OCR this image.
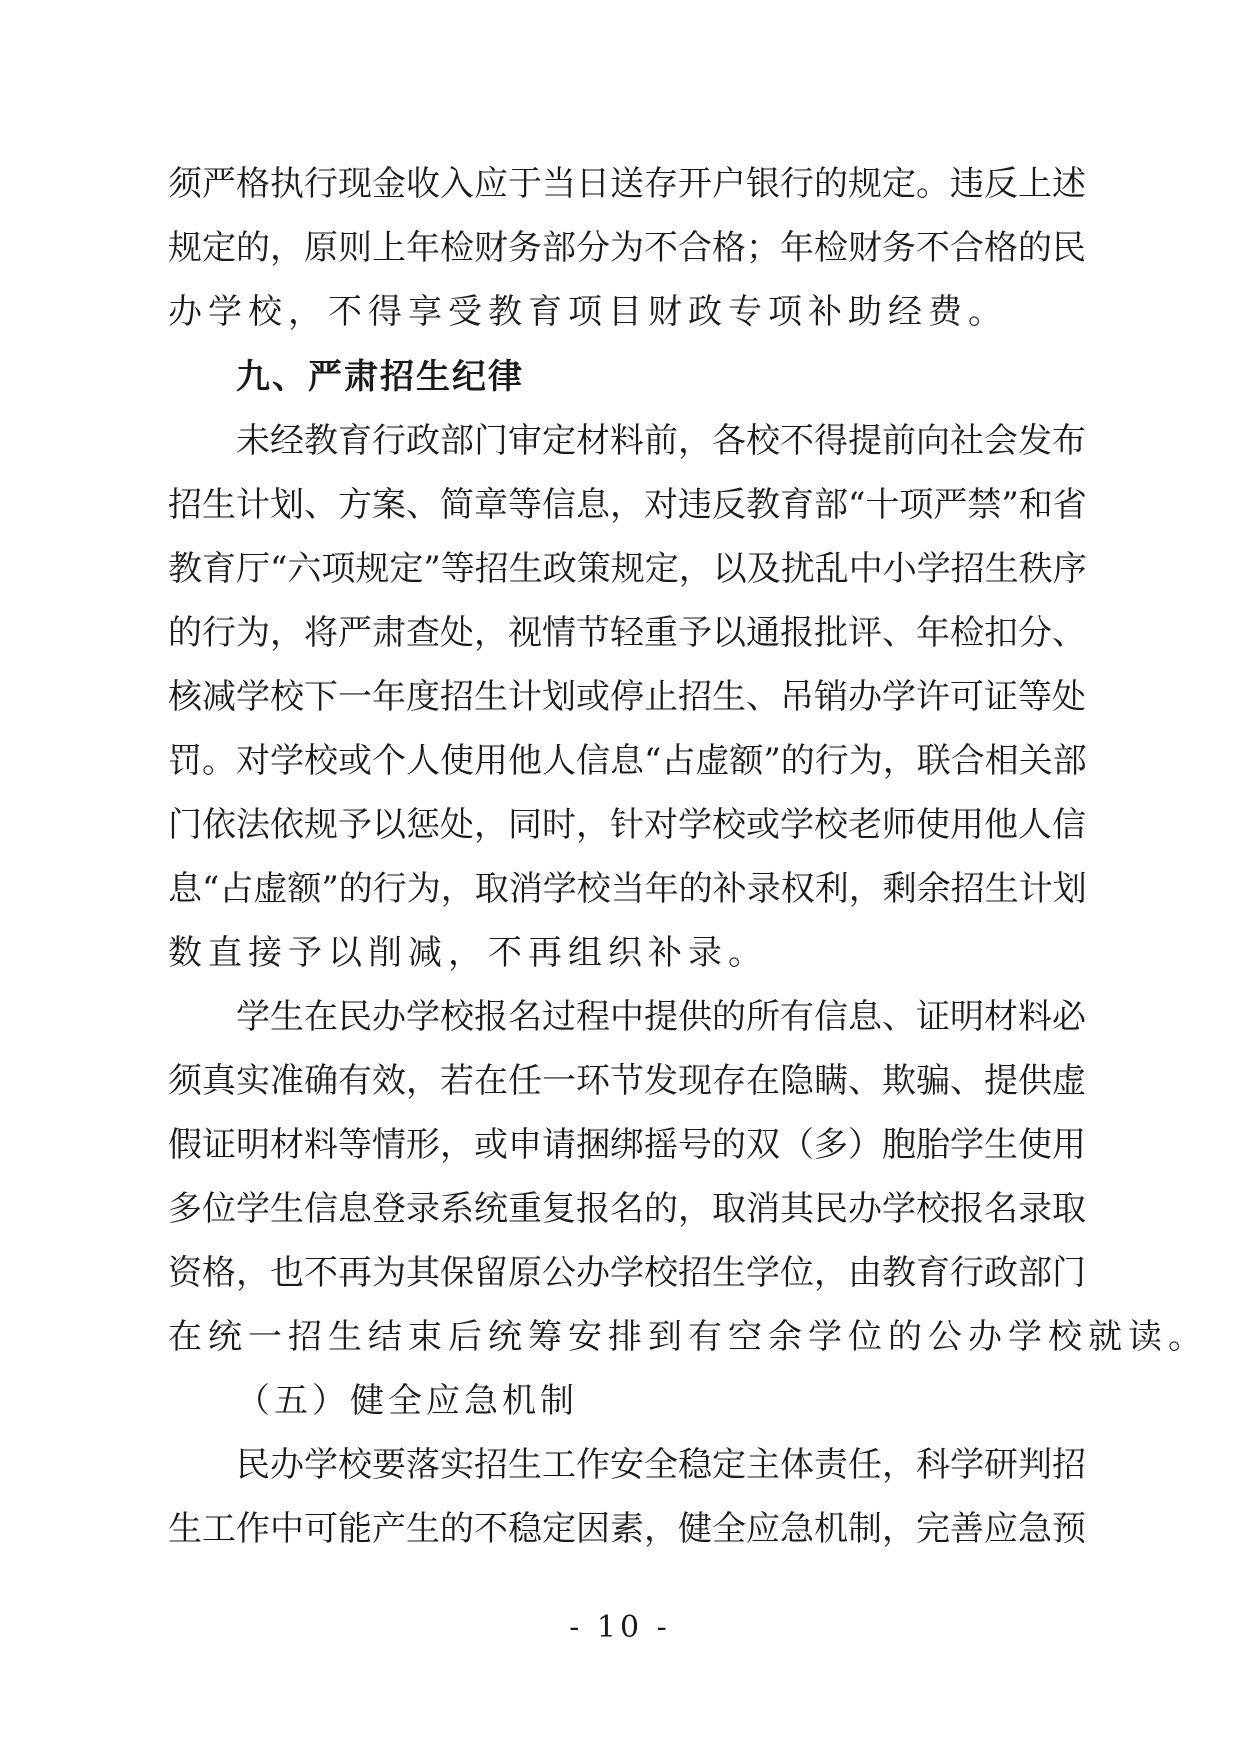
须严格执行现金收入应于当日送存开户银行的规定。违反上述
规定的，原则上年检财务部分为不合格；年检财务不合格的民
办学校，不得享受教育项目财政专项补助经费。
九、严肃招生纪律
未经教育行政部门审定材料前，各校不得提前向社会发布
招生计划、方案、简章等信息，对违反教育部“十项严禁”和省
教育厅“六项规定”等招生政策规定，以及扰乱中小学招生秩序
的行为，将严肃查处，视情节轻重予以通报批评、年检扣分、
核减学校下一年度招生计划或停止招生、吊销办学许可证等处
罚。对学校或个人使用他人信息“占虚额”的行为，联合相关部
门依法依规予以惩处，同时，针对学校或学校老师使用他人信
息“占虚额”的行为，取消学校当年的补录权利，剩余招生计划
数直接予以削减，不再组织补录。
学生在民办学校报名过程中提供的所有信息、证明材料必
须真实准确有效，若在任一环节发现存在隐瞒、欺骗、提供虚
假证明材料等情形，或申请捆绑摇号的双（多）胞胎学生使用
多位学生信息登录系统重复报名的，取消其民办学校报名录取
资格，也不再为其保留原公办学校招生学位，由教育行政部门
在统一招生结束后统筹安排到有空余学位的公办学校就读。
（五）健全应急机制
民办学校要落实招生工作安全稳定主体责任，科学研判招
生工作中可能产生的不稳定因素，健全应急机制，完善应急预
- 10 -
